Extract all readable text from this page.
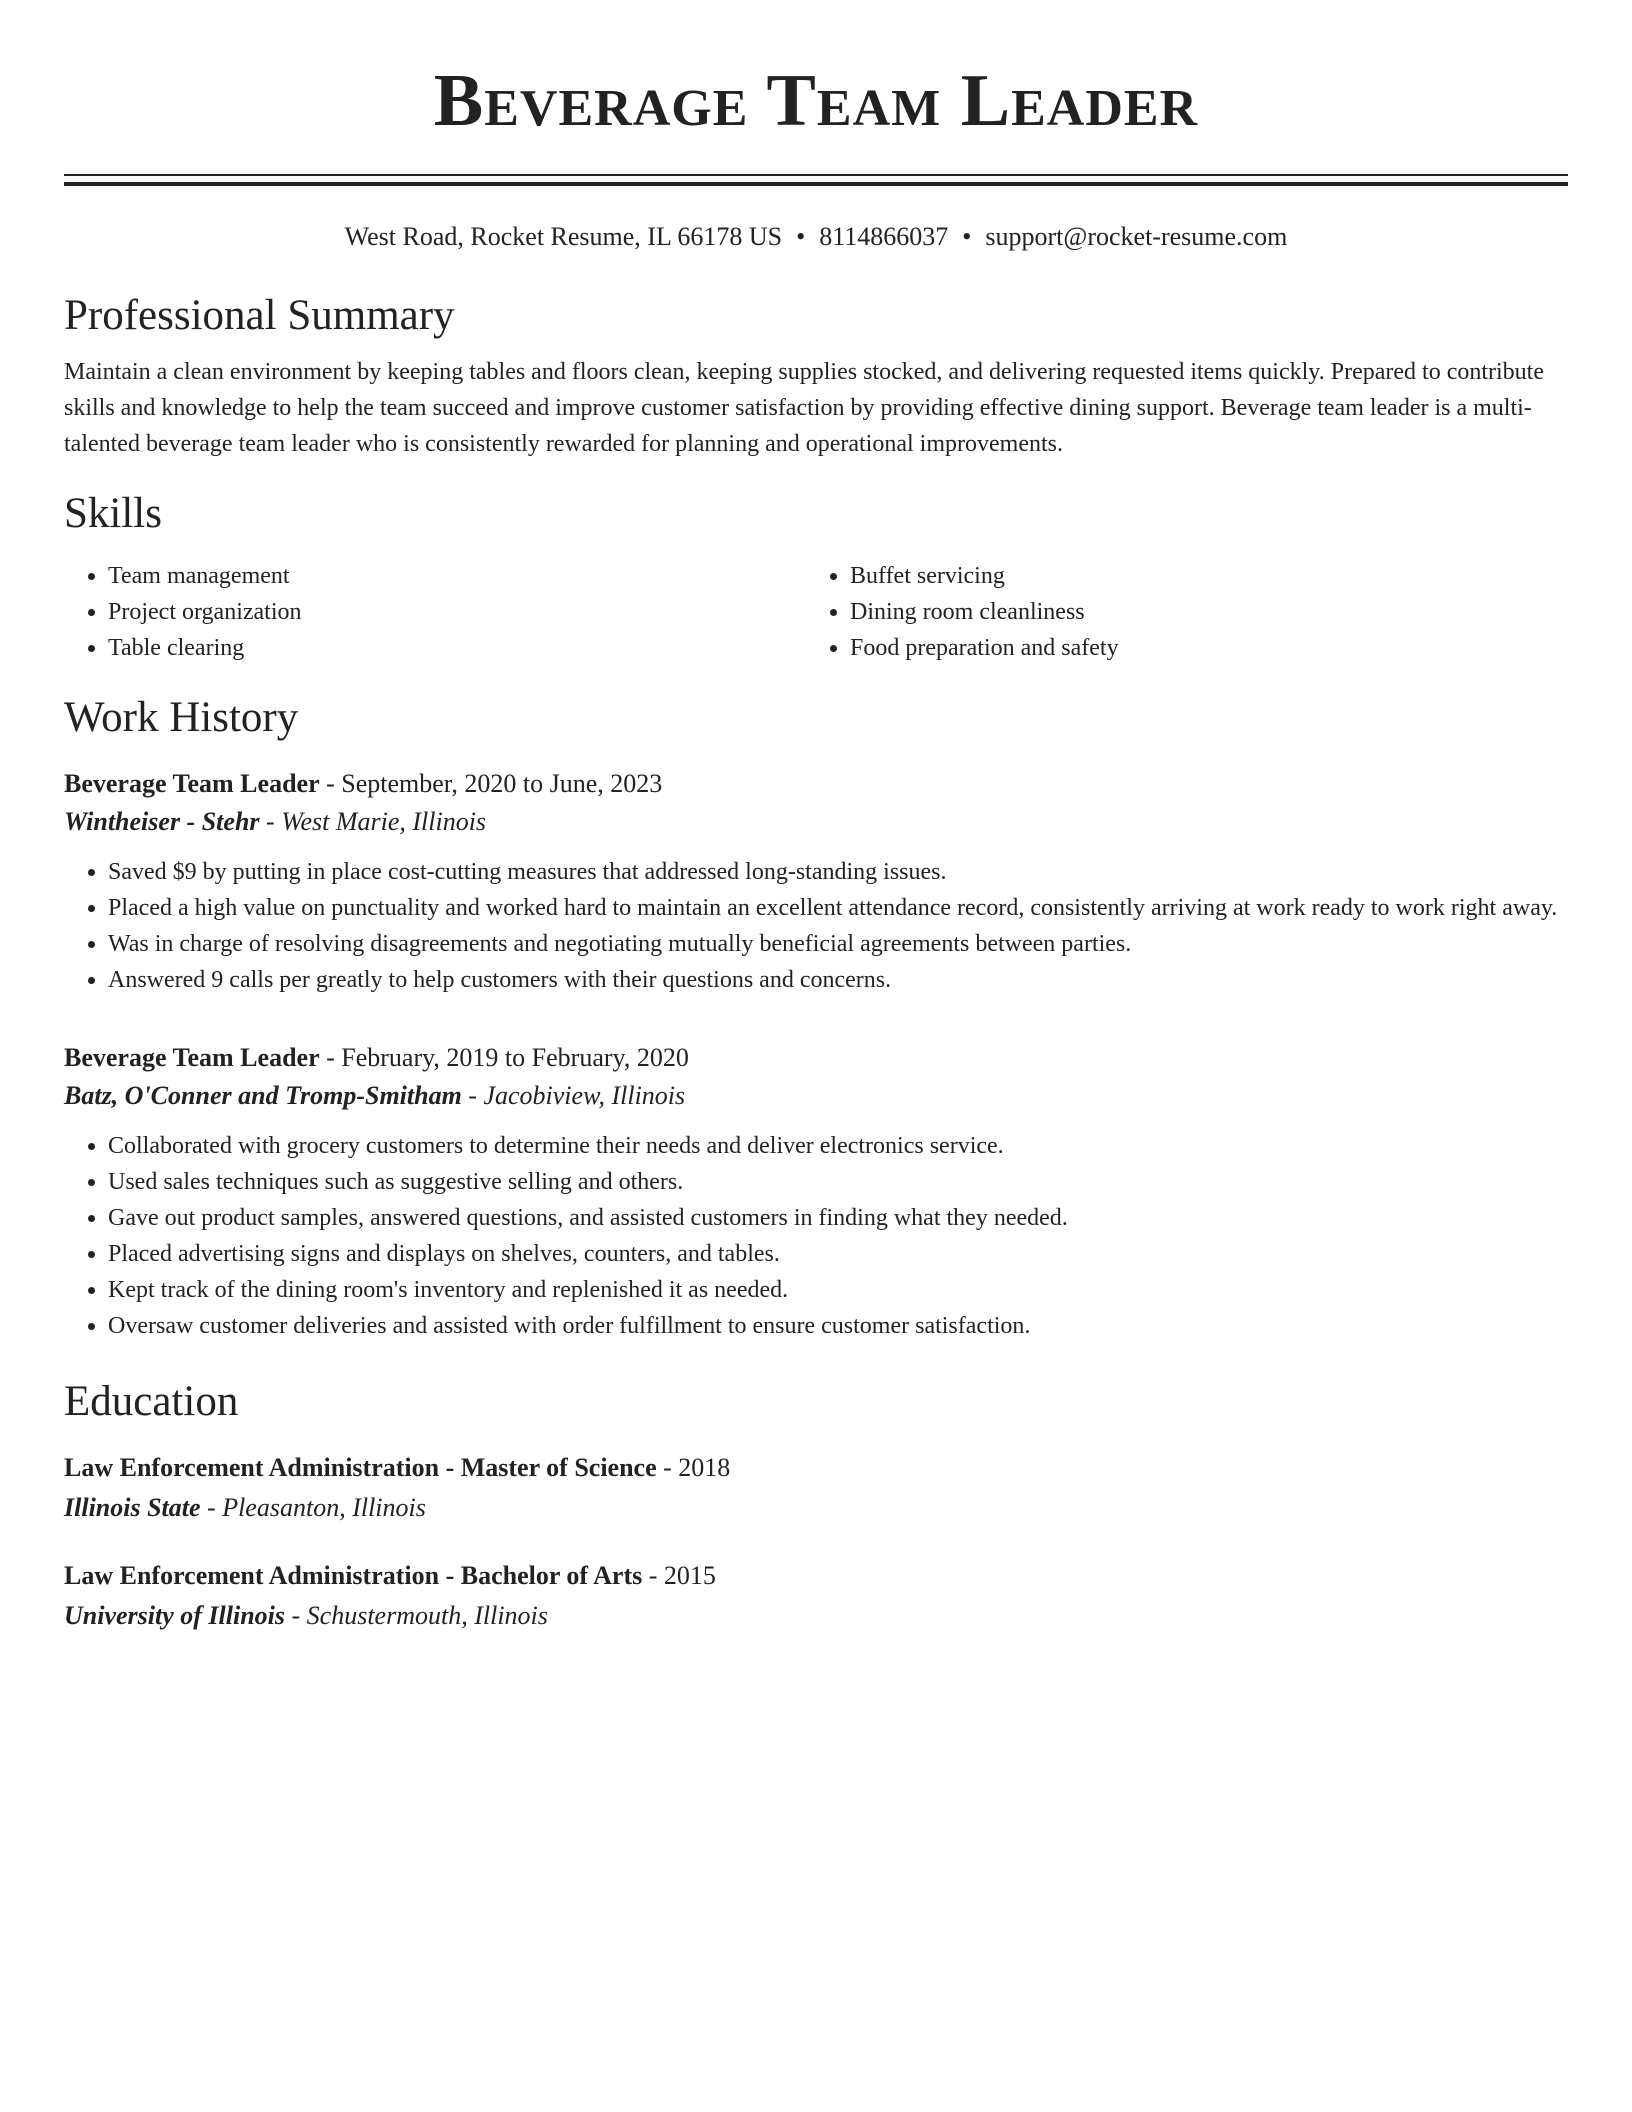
Beverage Team Leader
West Road, Rocket Resume, IL 66178 US • 8114866037 • support@rocket-resume.com
Professional Summary
Maintain a clean environment by keeping tables and floors clean, keeping supplies stocked, and delivering requested items quickly. Prepared to contribute skills and knowledge to help the team succeed and improve customer satisfaction by providing effective dining support. Beverage team leader is a multi-talented beverage team leader who is consistently rewarded for planning and operational improvements.
Skills
• Team management
• Project organization
• Table clearing
• Buffet servicing
• Dining room cleanliness
• Food preparation and safety
Work History
Beverage Team Leader - September, 2020 to June, 2023
Wintheiser - Stehr - West Marie, Illinois
• Saved $9 by putting in place cost-cutting measures that addressed long-standing issues.
• Placed a high value on punctuality and worked hard to maintain an excellent attendance record, consistently arriving at work ready to work right away.
• Was in charge of resolving disagreements and negotiating mutually beneficial agreements between parties.
• Answered 9 calls per greatly to help customers with their questions and concerns.
Beverage Team Leader - February, 2019 to February, 2020
Batz, O'Conner and Tromp-Smitham - Jacobiview, Illinois
• Collaborated with grocery customers to determine their needs and deliver electronics service.
• Used sales techniques such as suggestive selling and others.
• Gave out product samples, answered questions, and assisted customers in finding what they needed.
• Placed advertising signs and displays on shelves, counters, and tables.
• Kept track of the dining room's inventory and replenished it as needed.
• Oversaw customer deliveries and assisted with order fulfillment to ensure customer satisfaction.
Education
Law Enforcement Administration - Master of Science - 2018
Illinois State - Pleasanton, Illinois
Law Enforcement Administration - Bachelor of Arts - 2015
University of Illinois - Schustermouth, Illinois
